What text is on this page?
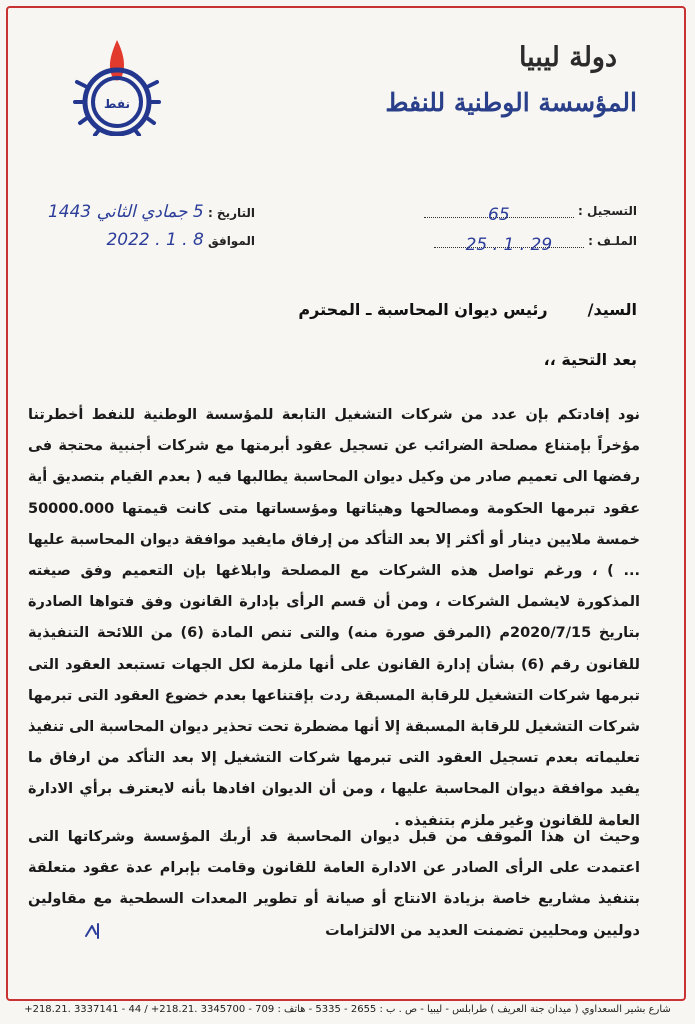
نفط
دولة ليبيا
المؤسسة الوطنية للنفط
التسجيل : 65
الملـف : 29 . 1 . 25
التاريخ : 5 جمادي الثاني 1443
الموافق 8 . 1 . 2022
السيد/رئيس ديوان المحاسبة ـ المحترم
بعد التحية ،،

نود إفادتكم بإن عدد من شركات التشغيل التابعة للمؤسسة الوطنية للنفط أخطرتنا مؤخراً بإمتناع مصلحة الضرائب عن تسجيل عقود أبرمتها مع شركات أجنبية محتجة فى رفضها الى تعميم صادر من وكيل ديوان المحاسبة يطالبها فيه ( بعدم القيام بتصديق أية عقود تبرمها الحكومة ومصالحها وهيئاتها ومؤسساتها متى كانت قيمتها 50000.000 خمسة ملايين دينار أو أكثر إلا بعد التأكد من إرفاق مايفيد موافقة ديوان المحاسبة عليها ... ) ، ورغم تواصل هذه الشركات مع المصلحة وابلاغها بإن التعميم وفق صيغته المذكورة لايشمل الشركات ، ومن أن قسم الرأى بإدارة القانون وفق فتواها الصادرة بتاريخ 2020/7/15م (المرفق صورة منه) والتى تنص المادة (6) من اللائحة التنفيذية للقانون رقم (6) بشأن إدارة القانون على أنها ملزمة لكل الجهات تستبعد العقود التى تبرمها شركات التشغيل للرقابة المسبقة ردت بإقتناعها بعدم خضوع العقود التى تبرمها شركات التشغيل للرقابة المسبقة إلا أنها مضطرة تحت تحذير ديوان المحاسبة الى تنفيذ تعليماته بعدم تسجيل العقود التى تبرمها شركات التشغيل إلا بعد التأكد من ارفاق ما يفيد موافقة ديوان المحاسبة عليها ، ومن أن الديوان افادها بأنه لايعترف برأي الادارة العامة للقانون وغير ملزم بتنفيذه .

وحيث ان هذا الموقف من قبل ديوان المحاسبة قد أربك المؤسسة وشركاتها التى اعتمدت على الرأى الصادر عن الادارة العامة للقانون وقامت بإبرام عدة عقود متعلقة بتنفيذ مشاريع خاصة بزيادة الانتاج أو صيانة أو تطوير المعدات السطحية مع مقاولين دوليين ومحليين تضمنت العديد من الالتزامات

شارع بشير السعداوي ( ميدان جنة العريف ) طرابلس - ليبيا - ص . ب : 2655 - 5335 - هاتف : 709 - 3345700 .218.21+ / 44 - 3337141 .218.21+
